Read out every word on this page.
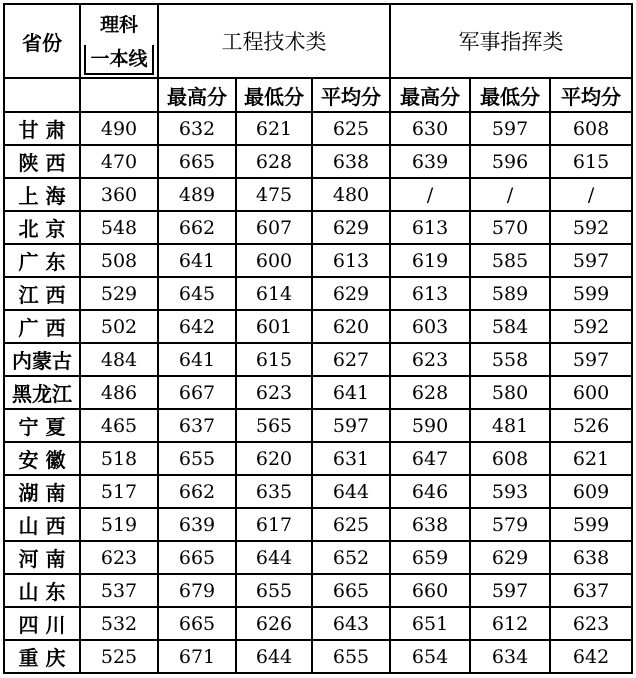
省份	理科	工程技术类			军事指挥类		

	一本线						

		最高分	最低分	平均分	最高分	最低分	平均分
甘 肃	490	632	621	625	630	597	608
陕 西	470	665	628	638	639	596	615
上 海	360	489	475	480	/	/	/
北 京	548	662	607	629	613	570	592
广 东	508	641	600	613	619	585	597
江 西	529	645	614	629	613	589	599
广 西	502	642	601	620	603	584	592
内蒙古	484	641	615	627	623	558	597
黑龙江	486	667	623	641	628	580	600
宁 夏	465	637	565	597	590	481	526
安 徽	518	655	620	631	647	608	621
湖 南	517	662	635	644	646	593	609
山 西	519	639	617	625	638	579	599
河 南	623	665	644	652	659	629	638
山 东	537	679	655	665	660	597	637
四 川	532	665	626	643	651	612	623
重 庆	525	671	644	655	654	634	642
